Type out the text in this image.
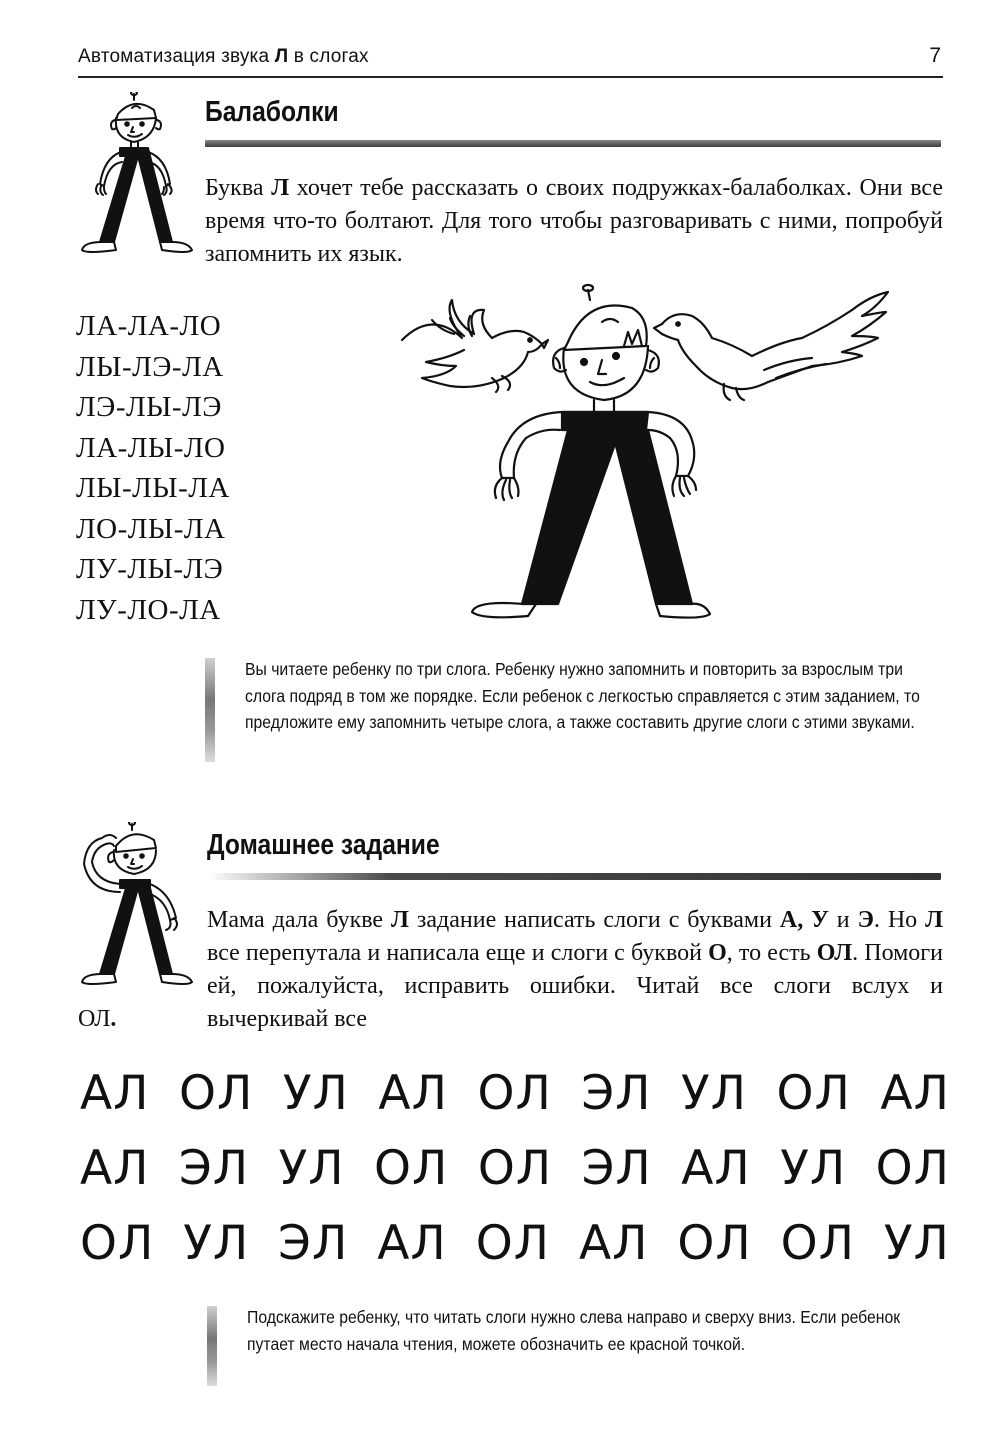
Автоматизация звука Л в слогах	7
Балаболки
Буква Л хочет тебе рассказать о своих подружках-балаболках. Они все время что-то болтают. Для того чтобы разговаривать с ними, попробуй запомнить их язык.
ЛА-ЛА-ЛО
ЛЫ-ЛЭ-ЛА
ЛЭ-ЛЫ-ЛЭ
ЛА-ЛЫ-ЛО
ЛЫ-ЛЫ-ЛА
ЛО-ЛЫ-ЛА
ЛУ-ЛЫ-ЛЭ
ЛУ-ЛО-ЛА
Вы читаете ребенку по три слога. Ребенку нужно запомнить и повторить за взрослым три слога подряд в том же порядке. Если ребенок с легкостью справляется с этим заданием, то предложите ему запомнить четыре слога, а также составить другие слоги с этими звуками.
Домашнее задание
Мама дала букве Л задание написать слоги с буквами А, У и Э. Но Л все перепутала и написала еще и слоги с буквой О, то есть ОЛ. Помоги ей, пожалуйста, исправить ошибки. Читай все слоги вслух и вычеркивай все
ОЛ.
АЛ ОЛ УЛ АЛ ОЛ ЭЛ УЛ ОЛ АЛ
АЛ ЭЛ УЛ ОЛ ОЛ ЭЛ АЛ УЛ ОЛ
ОЛ УЛ ЭЛ АЛ ОЛ АЛ ОЛ ОЛ УЛ
Подскажите ребенку, что читать слоги нужно слева направо и сверху вниз. Если ребенок путает место начала чтения, можете обозначить ее красной точкой.
